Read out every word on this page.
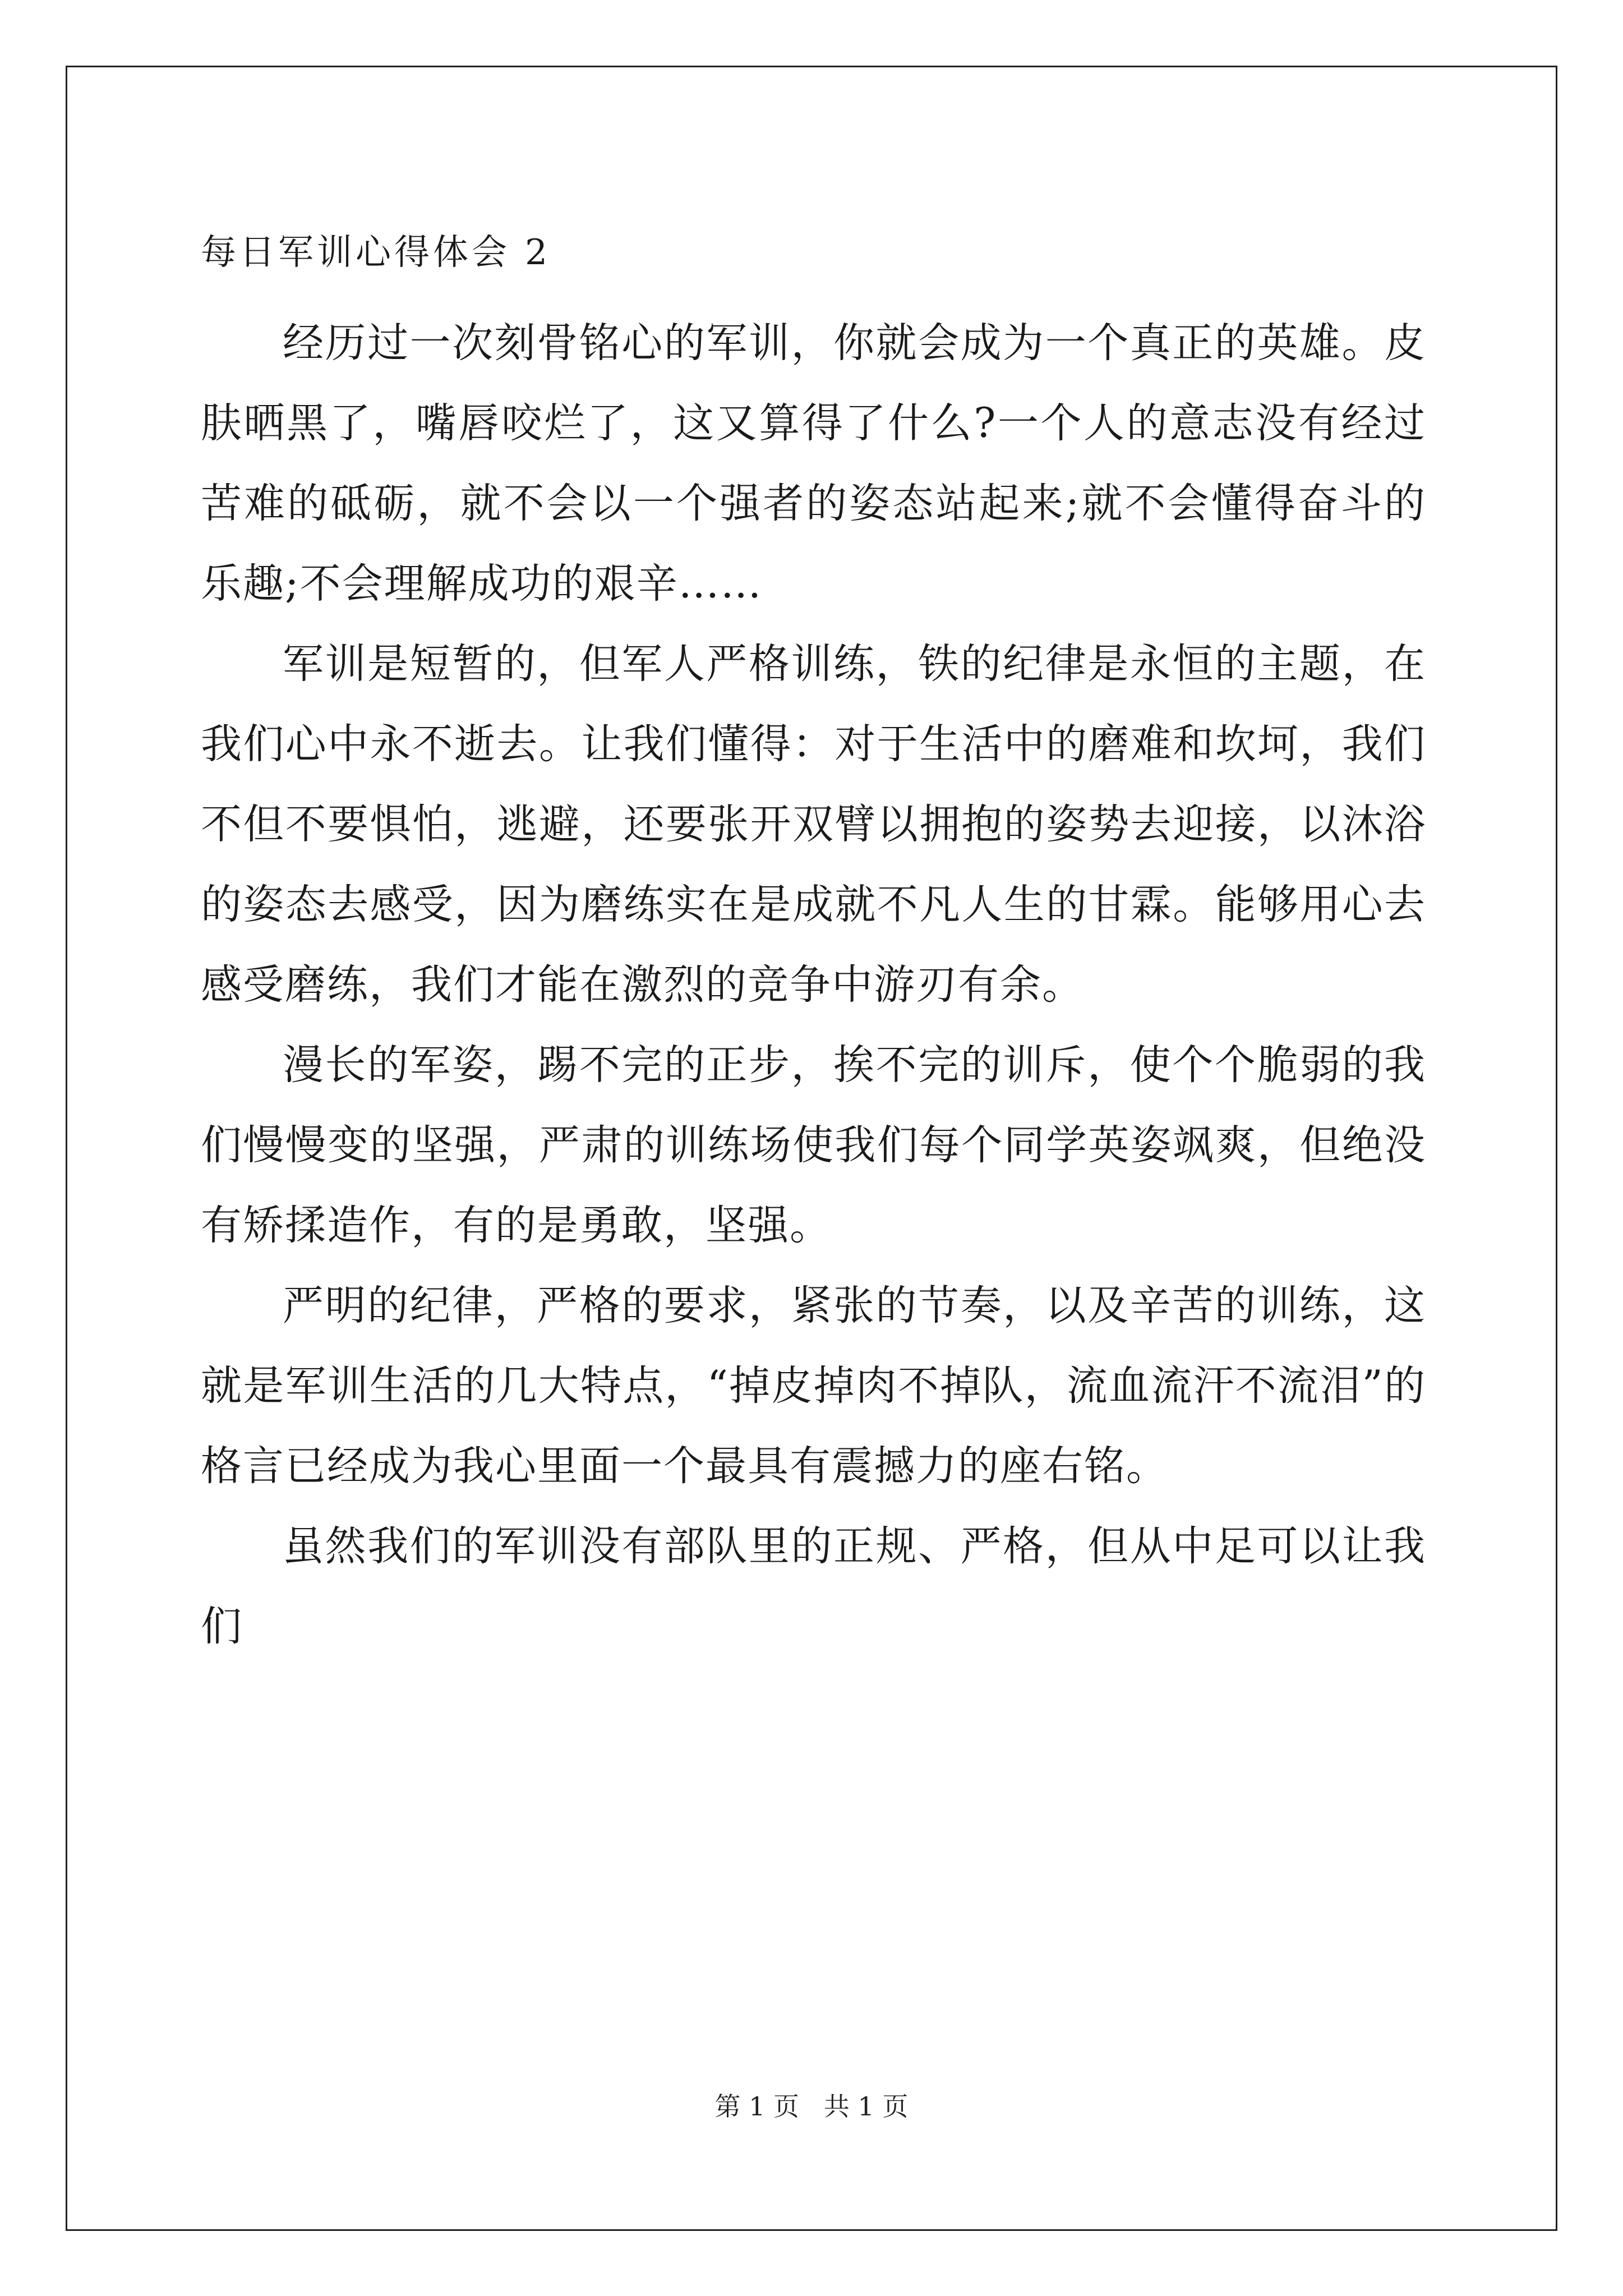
每日军训心得体会 2

经历过一次刻骨铭心的军训，你就会成为一个真正的英雄。皮肤晒黑了，嘴唇咬烂了，这又算得了什么?一个人的意志没有经过苦难的砥砺，就不会以一个强者的姿态站起来;就不会懂得奋斗的乐趣;不会理解成功的艰辛……

军训是短暂的，但军人严格训练，铁的纪律是永恒的主题，在我们心中永不逝去。让我们懂得：对于生活中的磨难和坎坷，我们不但不要惧怕，逃避，还要张开双臂以拥抱的姿势去迎接，以沐浴的姿态去感受，因为磨练实在是成就不凡人生的甘霖。能够用心去感受磨练，我们才能在激烈的竞争中游刃有余。

漫长的军姿，踢不完的正步，挨不完的训斥，使个个脆弱的我们慢慢变的坚强，严肃的训练场使我们每个同学英姿飒爽，但绝没有矫揉造作，有的是勇敢，坚强。

严明的纪律，严格的要求，紧张的节奏，以及辛苦的训练，这就是军训生活的几大特点，“掉皮掉肉不掉队，流血流汗不流泪”的格言已经成为我心里面一个最具有震撼力的座右铭。

虽然我们的军训没有部队里的正规、严格，但从中足可以让我们

第 1 页   共 1 页
